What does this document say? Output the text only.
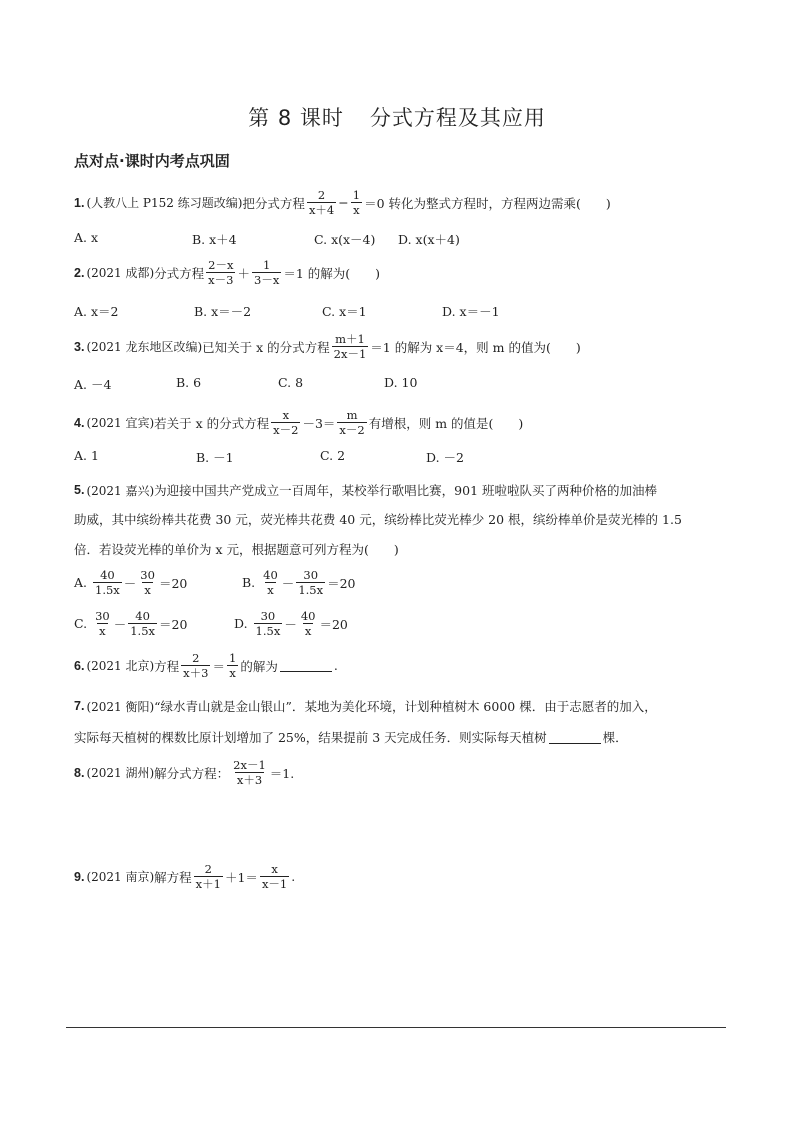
第 8 课时 分式方程及其应用
点对点·课时内考点巩固
1. (人教八上 P152 练习题改编) 把分式方程 $\frac{2}{x+4} - \frac{1}{x} =0$ 转化为整式方程时，方程两边需乘(　　)
A. x	B. x＋4	C. x(x－4)	D. x(x＋4)
2. (2021 成都) 分式方程 $\frac{2-x}{x-3} + \frac{1}{3-x} =1$ 的解为(　　)
A. x＝2	B. x＝－2	C. x＝1	D. x＝－1
3. (2021 龙东地区改编) 已知关于 x 的分式方程 $\frac{m+1}{2x-1} =1$ 的解为 x＝4，则 m 的值为(　　)
A. －4	B. 6	C. 8	D. 10
4. (2021 宜宾) 若关于 x 的分式方程 $\frac{x}{x-2} -3= \frac{m}{x-2}$ 有增根，则 m 的值是(　　)
A. 1	B. －1	C. 2	D. －2
5. (2021 嘉兴) 为迎接中国共产党成立一百周年，某校举行歌唱比赛，901 班啦啦队买了两种价格的加油棒
助威，其中缤纷棒共花费 30 元，荧光棒共花费 40 元，缤纷棒比荧光棒少 20 根，缤纷棒单价是荧光棒的 1.5
倍．若设荧光棒的单价为 x 元，根据题意可列方程为(　　)
A.
$\frac{40}{1.5x} - \frac{30}{x} =20$	B.
$\frac{40}{x} - \frac{30}{1.5x} =20$
C.
$\frac{30}{x} - \frac{40}{1.5x} =20$	D.
$\frac{30}{1.5x} - \frac{40}{x} =20$
6. (2021 北京) 方程 $\frac{2}{x+3} = \frac{1}{x}$ 的解为	.
7. (2021 衡阳) “绿水青山就是金山银山”．某地为美化环境，计划种植树木 6000 棵．由于志愿者的加入，
实际每天植树的棵数比原计划增加了 25%，结果提前 3 天完成任务．则实际每天植树	棵．
8. (2021 湖州) 解分式方程： $\frac{2x-1}{x+3} =1$.
9. (2021 南京) 解方程 $\frac{2}{x+1} +1= \frac{x}{x-1}$ .
